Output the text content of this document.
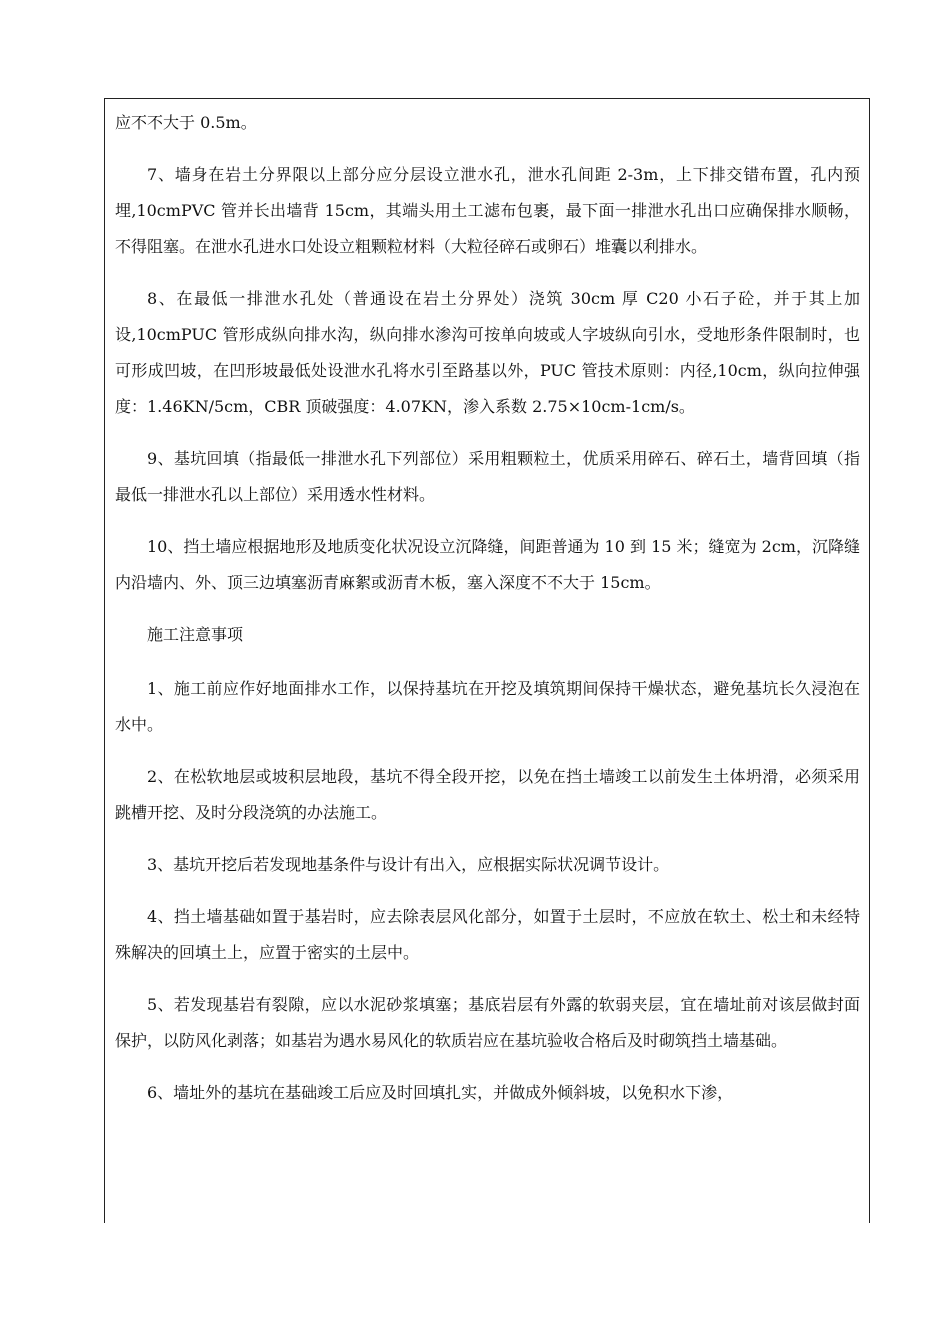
应不不大于 0.5m。

7、墙身在岩土分界限以上部分应分层设立泄水孔，泄水孔间距 2-3m，上下排交错布置，孔内预埋,10cmPVC 管并长出墙背 15cm，其端头用土工滤布包裹，最下面一排泄水孔出口应确保排水顺畅，不得阻塞。在泄水孔进水口处设立粗颗粒材料（大粒径碎石或卵石）堆囊以利排水。

8、在最低一排泄水孔处（普通设在岩土分界处）浇筑 30cm 厚 C20 小石子砼，并于其上加设,10cmPUC 管形成纵向排水沟，纵向排水渗沟可按单向坡或人字坡纵向引水，受地形条件限制时，也可形成凹坡，在凹形坡最低处设泄水孔将水引至路基以外，PUC 管技术原则：内径,10cm，纵向拉伸强度：1.46KN/5cm，CBR 顶破强度：4.07KN，渗入系数 2.75×10cm-1cm/s。

9、基坑回填（指最低一排泄水孔下列部位）采用粗颗粒土，优质采用碎石、碎石土，墙背回填（指最低一排泄水孔以上部位）采用透水性材料。

10、挡土墙应根据地形及地质变化状况设立沉降缝，间距普通为 10 到 15 米；缝宽为 2cm，沉降缝内沿墙内、外、顶三边填塞沥青麻絮或沥青木板，塞入深度不不大于 15cm。

施工注意事项

1、施工前应作好地面排水工作，以保持基坑在开挖及填筑期间保持干燥状态，避免基坑长久浸泡在水中。

2、在松软地层或坡积层地段，基坑不得全段开挖，以免在挡土墙竣工以前发生土体坍滑，必须采用跳槽开挖、及时分段浇筑的办法施工。

3、基坑开挖后若发现地基条件与设计有出入，应根据实际状况调节设计。

4、挡土墙基础如置于基岩时，应去除表层风化部分，如置于土层时，不应放在软土、松土和未经特殊解决的回填土上，应置于密实的土层中。

5、若发现基岩有裂隙，应以水泥砂浆填塞；基底岩层有外露的软弱夹层，宜在墙址前对该层做封面保护，以防风化剥落；如基岩为遇水易风化的软质岩应在基坑验收合格后及时砌筑挡土墙基础。

6、墙址外的基坑在基础竣工后应及时回填扎实，并做成外倾斜坡，以免积水下渗，
